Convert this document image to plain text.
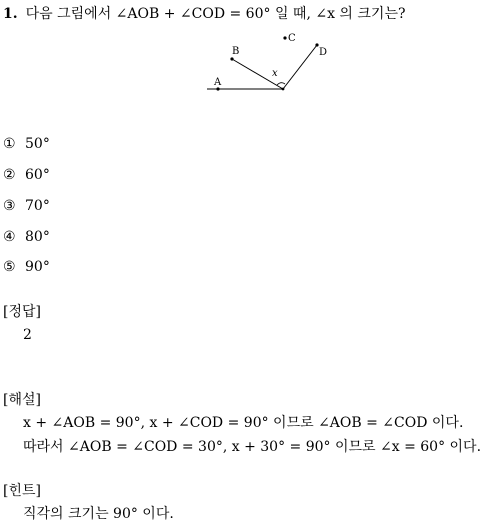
1. 다음 그림에서 ∠AOB + ∠COD = 60° 일 때, ∠x 의 크기는?
A
B
C
D
x
① 50°
② 60°
③ 70°
④ 80°
⑤ 90°
[정답]
2
[해설]
x + ∠AOB = 90°, x + ∠COD = 90° 이므로 ∠AOB = ∠COD 이다.
따라서 ∠AOB = ∠COD = 30°, x + 30° = 90° 이므로 ∠x = 60° 이다.
[힌트]
직각의 크기는 90° 이다.
